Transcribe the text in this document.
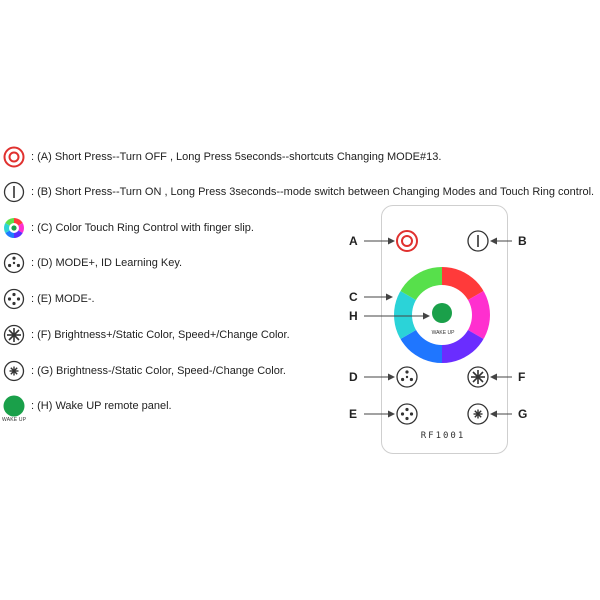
: (A) Short Press--Turn OFF , Long Press 5seconds--shortcuts Changing MODE#13.
: (B) Short Press--Turn ON , Long Press 3seconds--mode switch between Changing Modes and Touch Ring control.
: (C) Color Touch Ring Control with finger slip.
: (D) MODE+, ID Learning Key.
: (E) MODE-.
: (F) Brightness+/Static Color, Speed+/Change Color.
: (G) Brightness-/Static Color, Speed-/Change Color.
: (H) Wake UP remote panel.
WAKE UP
A	B
C
H
D	F
E	G
WAKE UP
RF1001
